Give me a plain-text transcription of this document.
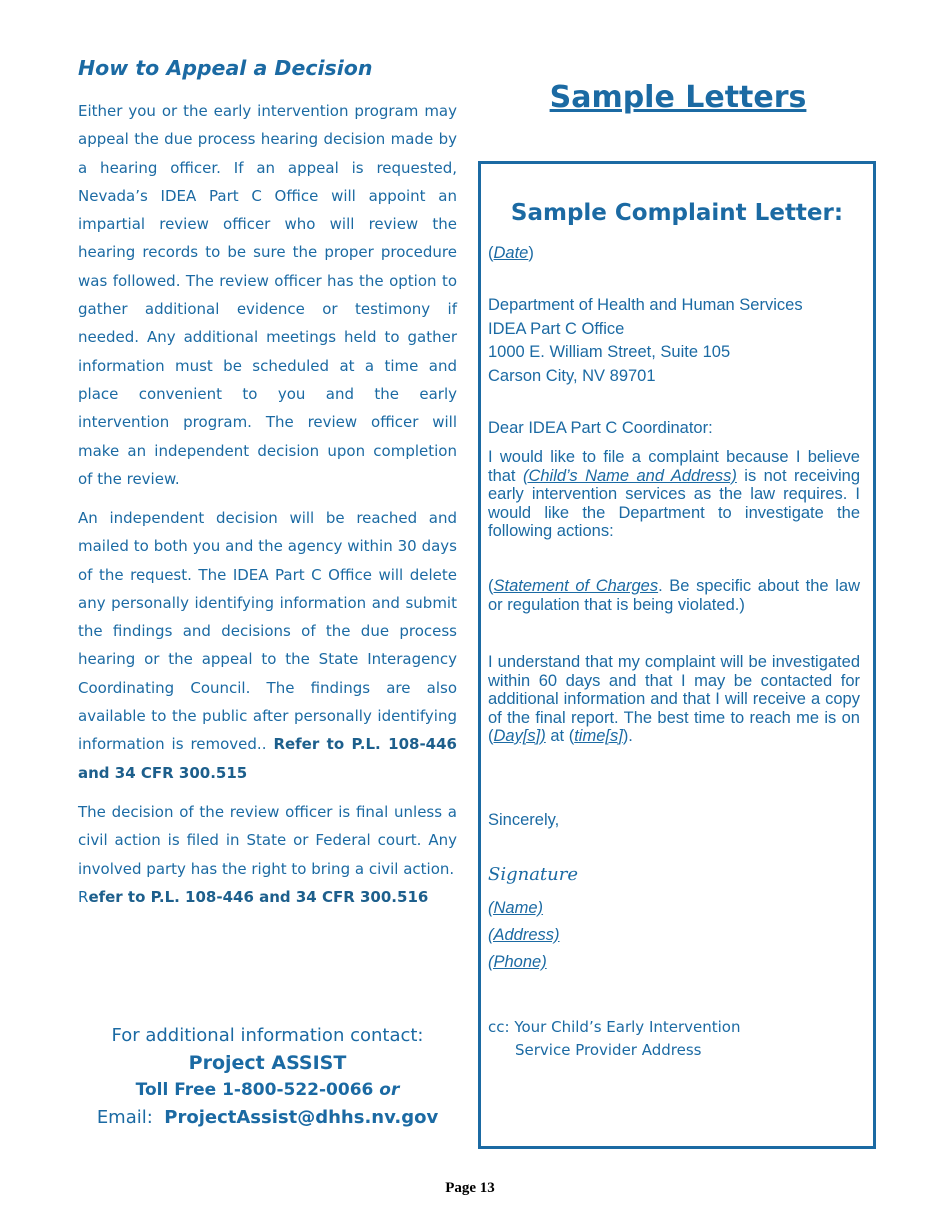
How to Appeal a Decision

Either you or the early intervention program may appeal the due process hearing decision made by a hearing officer. If an appeal is requested, Nevada’s IDEA Part C Office will appoint an impartial review officer who will review the hearing records to be sure the proper procedure was followed. The review officer has the option to gather additional evidence or testimony if needed. Any additional meetings held to gather information must be scheduled at a time and place convenient to you and the early intervention program. The review officer will make an independent decision upon completion of the review.

An independent decision will be reached and mailed to both you and the agency within 30 days of the request. The IDEA Part C Office will delete any personally identifying information and submit the findings and decisions of the due process hearing or the appeal to the State Interagency Coordinating Council. The findings are also available to the public after personally identifying information is removed.. Refer to P.L. 108-446 and 34 CFR 300.515

The decision of the review officer is final unless a civil action is filed in State or Federal court. Any involved party has the right to bring a civil action.
Refer to P.L. 108-446 and 34 CFR 300.516

For additional information contact:
Project ASSIST
Toll Free 1-800-522-0066 or
Email: ProjectAssist@dhhs.nv.gov
Sample Letters
Sample Complaint Letter:

(Date)

Department of Health and Human Services
IDEA Part C Office
1000 E. William Street, Suite 105
Carson City, NV 89701

Dear IDEA Part C Coordinator:

I would like to file a complaint because I believe that (Child’s Name and Address) is not receiving early intervention services as the law requires. I would like the Department to investigate the following actions:

(Statement of Charges. Be specific about the law or regulation that is being violated.)

I understand that my complaint will be investigated within 60 days and that I may be contacted for additional information and that I will receive a copy of the final report. The best time to reach me is on (Day[s]) at (time[s]).

Sincerely,

Signature

(Name)

(Address)

(Phone)

cc: Your Child’s Early Intervention
Service Provider Address

Page 13
